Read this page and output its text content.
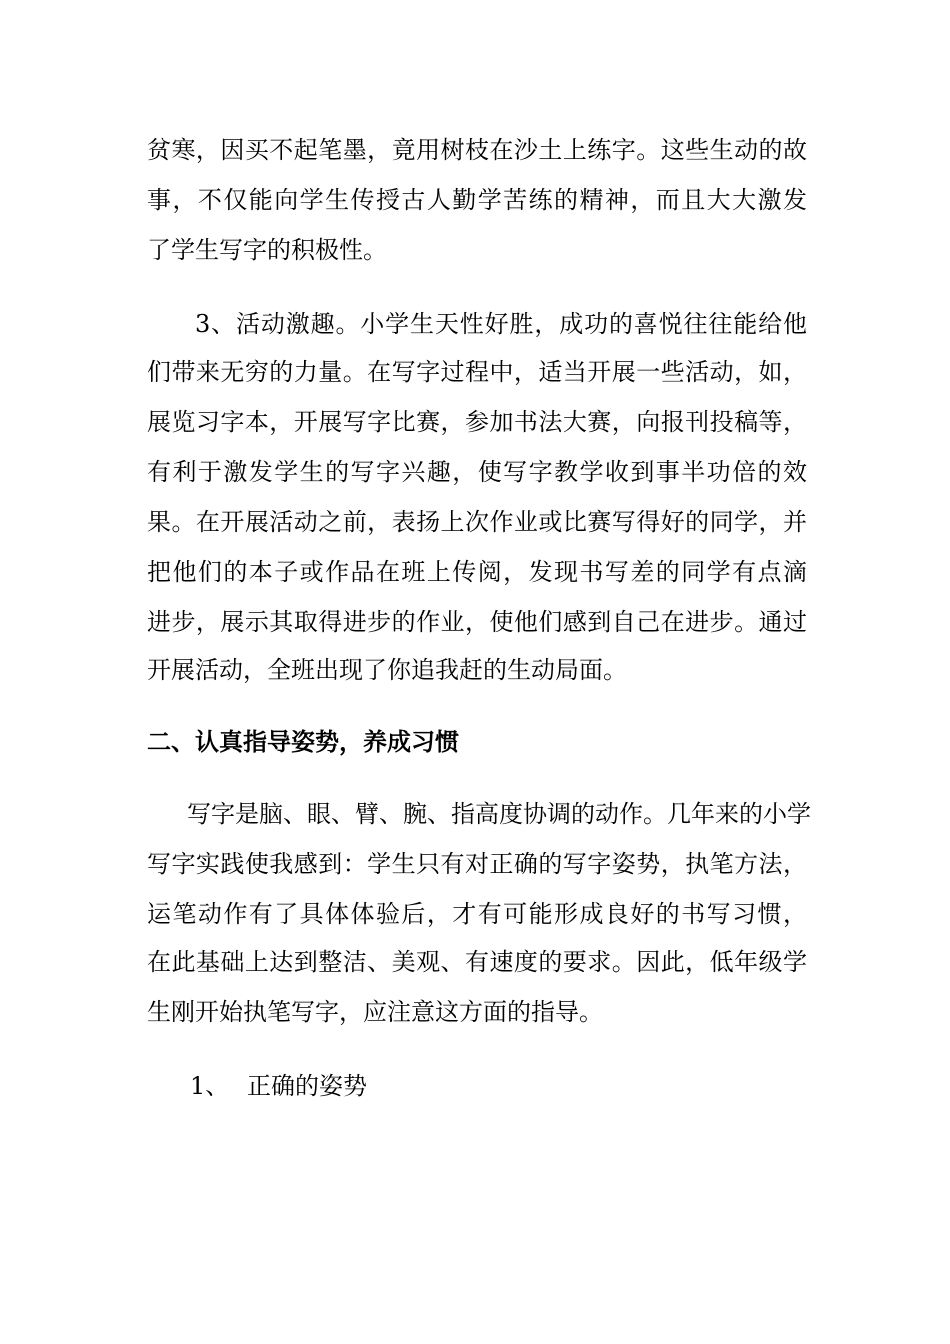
贫寒，因买不起笔墨，竟用树枝在沙土上练字。这些生动的故
事，不仅能向学生传授古人勤学苦练的精神，而且大大激发
了学生写字的积极性。
3、活动激趣。小学生天性好胜，成功的喜悦往往能给他
们带来无穷的力量。在写字过程中，适当开展一些活动，如，
展览习字本，开展写字比赛，参加书法大赛，向报刊投稿等，
有利于激发学生的写字兴趣，使写字教学收到事半功倍的效
果。在开展活动之前，表扬上次作业或比赛写得好的同学，并
把他们的本子或作品在班上传阅，发现书写差的同学有点滴
进步，展示其取得进步的作业，使他们感到自己在进步。通过
开展活动，全班出现了你追我赶的生动局面。
二、认真指导姿势，养成习惯
写字是脑、眼、臂、腕、指高度协调的动作。几年来的小学
写字实践使我感到：学生只有对正确的写字姿势，执笔方法，
运笔动作有了具体体验后，才有可能形成良好的书写习惯，
在此基础上达到整洁、美观、有速度的要求。因此，低年级学
生刚开始执笔写字，应注意这方面的指导。
1、 正确的姿势
